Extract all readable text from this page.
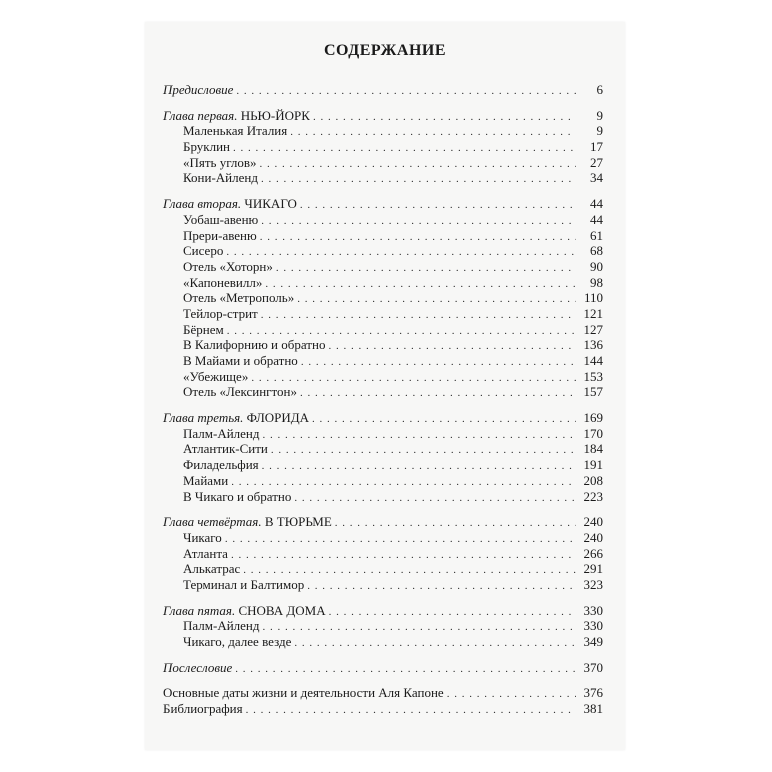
СОДЕРЖАНИЕ
Предисловие . . .	6
Глава первая. НЬЮ-ЙОРК . . .	9
Маленькая Италия . . .	9
Бруклин . . .	17
«Пять углов» . . .	27
Кони-Айленд . . .	34
Глава вторая. ЧИКАГО . . .	44
Уобаш-авеню . . .	44
Прери-авеню . . .	61
Сисеро . . .	68
Отель «Хоторн» . . .	90
«Капоневилл» . . .	98
Отель «Метрополь» . . .	110
Тейлор-стрит . . .	121
Бёрнем . . .	127
В Калифорнию и обратно . . .	136
В Майами и обратно . . .	144
«Убежище» . . .	153
Отель «Лексингтон» . . .	157
Глава третья. ФЛОРИДА . . .	169
Палм-Айленд . . .	170
Атлантик-Сити . . .	184
Филадельфия . . .	191
Майами . . .	208
В Чикаго и обратно . . .	223
Глава четвёртая. В ТЮРЬМЕ . . .	240
Чикаго . . .	240
Атланта . . .	266
Алькатрас . . .	291
Терминал и Балтимор . . .	323
Глава пятая. СНОВА ДОМА . . .	330
Палм-Айленд . . .	330
Чикаго, далее везде . . .	349
Послесловие . . .	370
Основные даты жизни и деятельности Аля Капоне . . .	376
Библиография . . .	381
